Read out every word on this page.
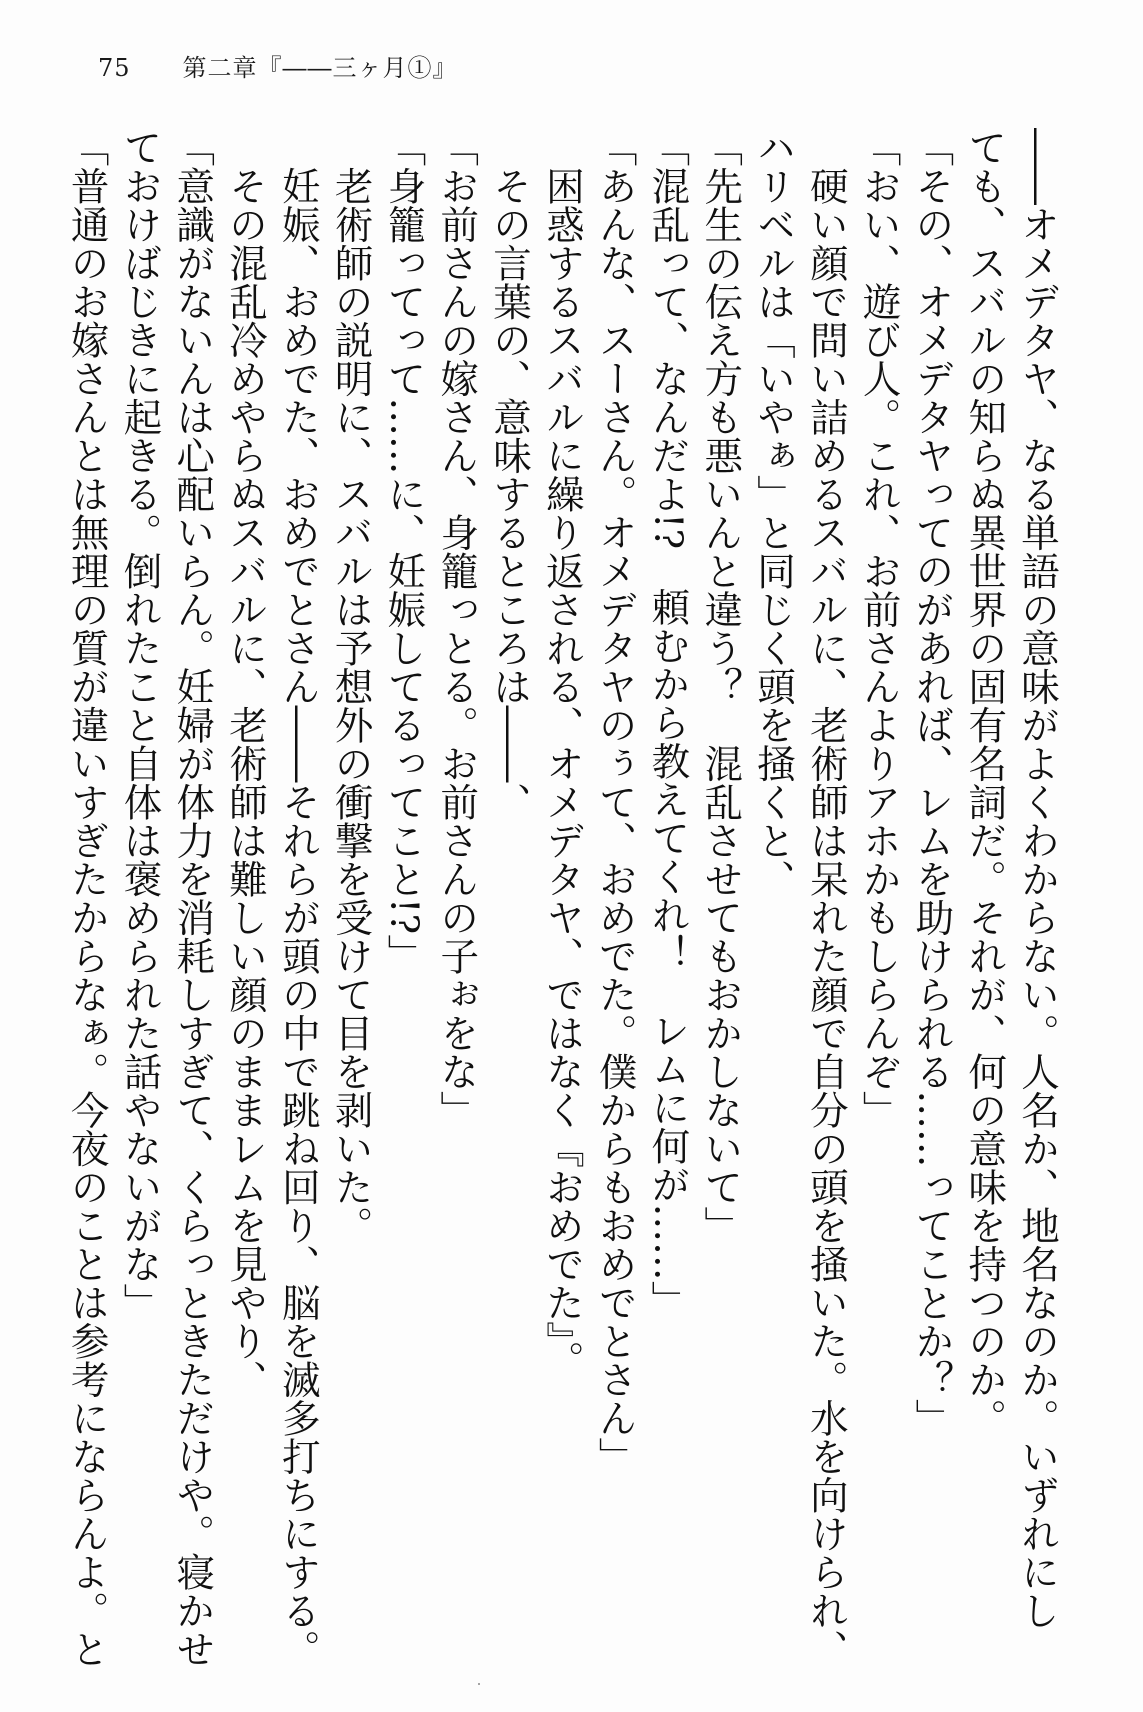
75 第二章『――三ヶ月①』
――オメデタヤ、なる単語の意味がよくわからない。人名か、地名なのか。いずれにし
ても、スバルの知らぬ異世界の固有名詞だ。それが、何の意味を持つのか。
「その、オメデタヤってのがあれば、レムを助けられる……ってことか？」
「おい、遊び人。これ、お前さんよりアホかもしらんぞ」
　硬い顔で問い詰めるスバルに、老術師は呆れた顔で自分の頭を掻いた。水を向けられ、
ハリベルは「いやぁ」と同じく頭を掻くと、
「先生の伝え方も悪いんと違う？　混乱させてもおかしないて」
「混乱って、なんだよ!?　頼むから教えてくれ！　レムに何が……」
「あんな、スーさん。オメデタヤのぅて、おめでた。僕からもおめでとさん」
　困惑するスバルに繰り返される、オメデタヤ、ではなく『おめでた』。
　その言葉の、意味するところは――、
「お前さんの嫁さん、身籠っとる。お前さんの子ぉをな」
「身籠ってって……に、妊娠してるってこと!?」
　老術師の説明に、スバルは予想外の衝撃を受けて目を剥いた。
　妊娠、おめでた、おめでとさん――それらが頭の中で跳ね回り、脳を滅多打ちにする。
　その混乱冷めやらぬスバルに、老術師は難しい顔のままレムを見やり、
「意識がないんは心配いらん。妊婦が体力を消耗しすぎて、くらっときただけや。寝かせ
ておけばじきに起きる。倒れたこと自体は褒められた話やないがな」
「普通のお嫁さんとは無理の質が違いすぎたからなぁ。今夜のことは参考にならんよ。と
